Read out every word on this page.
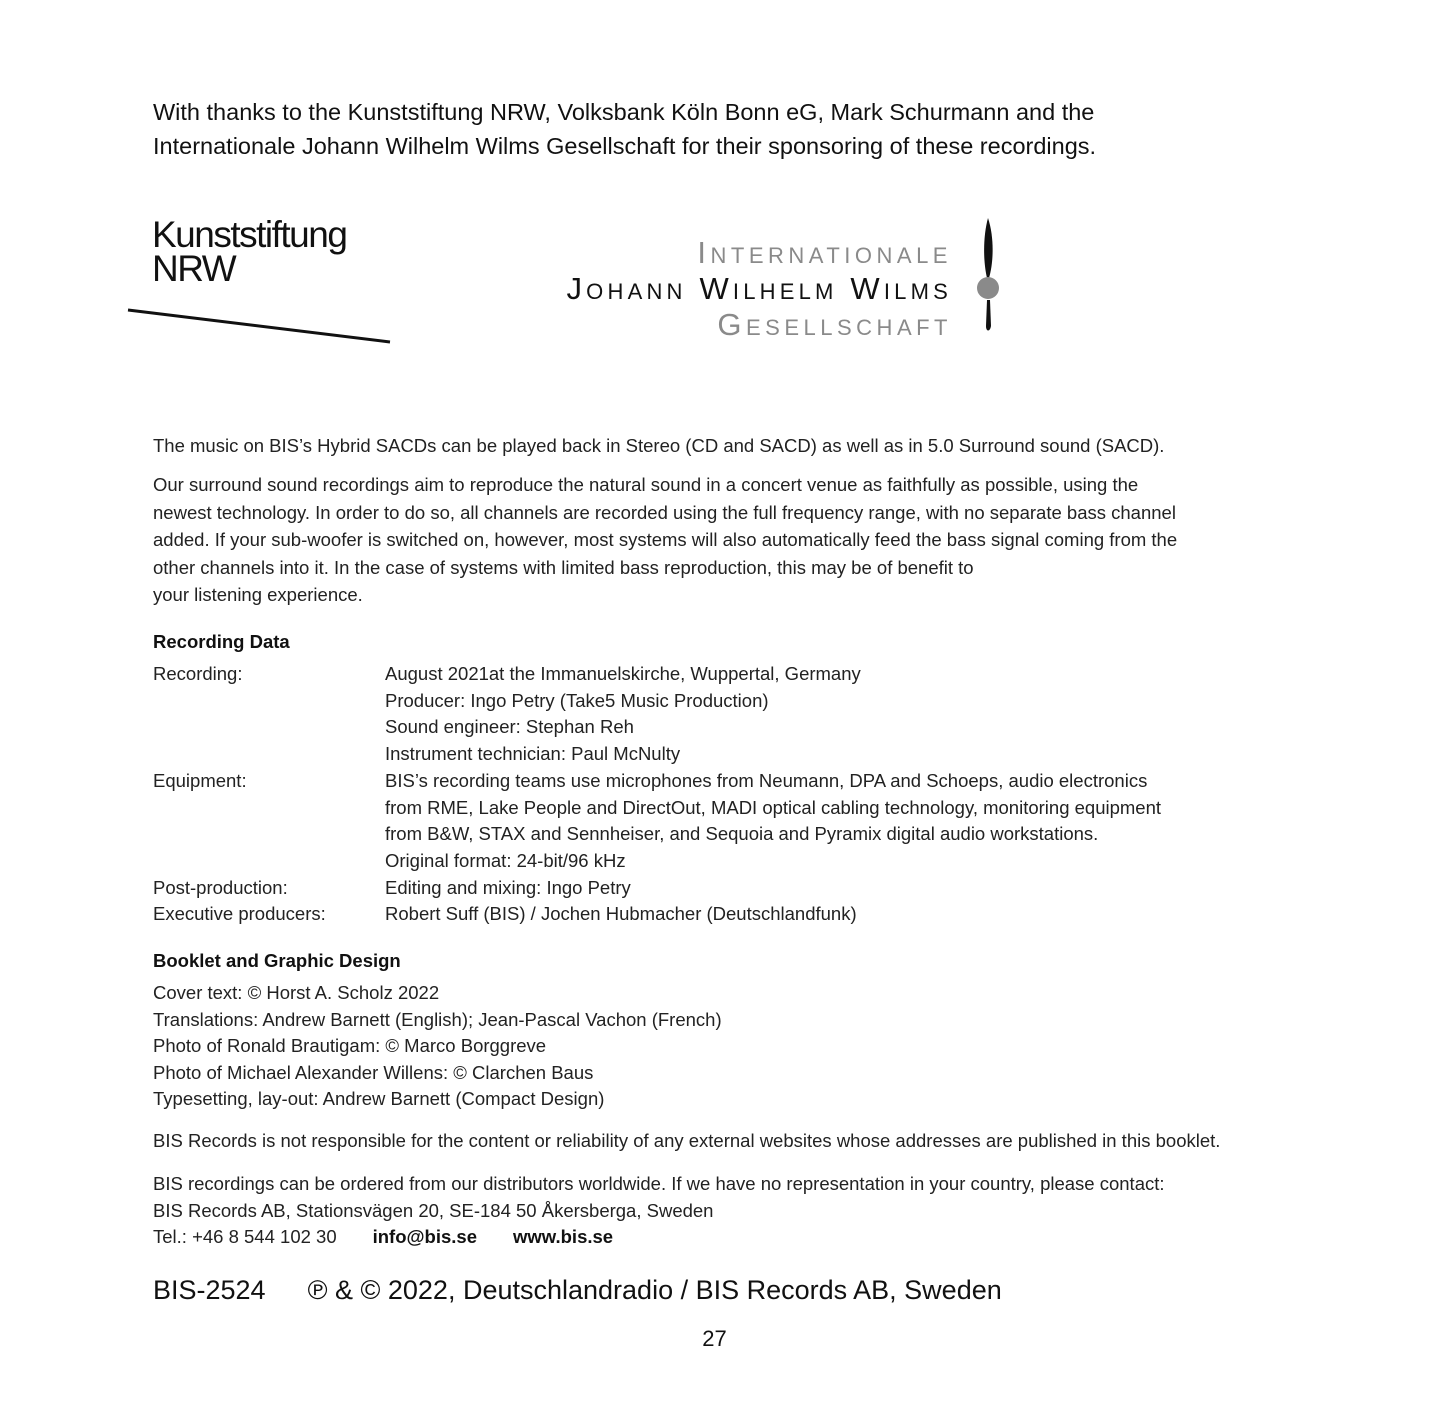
With thanks to the Kunststiftung NRW, Volksbank Köln Bonn eG, Mark Schurmann and the
Internationale Johann Wilhelm Wilms Gesellschaft for their sponsoring of these recordings.
Kunststiftung
NRW	Internationale
Johann Wilhelm Wilms
Gesellschaft
The music on BIS’s Hybrid SACDs can be played back in Stereo (CD and SACD) as well as in 5.0 Surround sound (SACD).
Our surround sound recordings aim to reproduce the natural sound in a concert venue as faithfully as possible, using the
newest technology. In order to do so, all channels are recorded using the full frequency range, with no separate bass channel
added. If your sub-woofer is switched on, however, most systems will also automatically feed the bass signal coming from the
other channels into it. In the case of systems with limited bass reproduction, this may be of benefit to
your listening experience.
Recording Data
Recording:	August 2021at the Immanuelskirche, Wuppertal, Germany
Producer: Ingo Petry (Take5 Music Production)
Sound engineer: Stephan Reh
Instrument technician: Paul McNulty
Equipment:	BIS’s recording teams use microphones from Neumann, DPA and Schoeps, audio electronics
from RME, Lake People and DirectOut, MADI optical cabling technology, monitoring equipment
from B&W, STAX and Sennheiser, and Sequoia and Pyramix digital audio workstations.
Original format: 24-bit/96 kHz
Post-production:	Editing and mixing: Ingo Petry
Executive producers:	Robert Suff (BIS) / Jochen Hubmacher (Deutschlandfunk)
Booklet and Graphic Design
Cover text: © Horst A. Scholz 2022
Translations: Andrew Barnett (English); Jean-Pascal Vachon (French)
Photo of Ronald Brautigam: © Marco Borggreve
Photo of Michael Alexander Willens: © Clarchen Baus
Typesetting, lay-out: Andrew Barnett (Compact Design)
BIS Records is not responsible for the content or reliability of any external websites whose addresses are published in this booklet.
BIS recordings can be ordered from our distributors worldwide. If we have no representation in your country, please contact:
BIS Records AB, Stationsvägen 20, SE-184 50 Åkersberga, Sweden
Tel.: +46 8 544 102 30 info@bis.se www.bis.se
BIS-2524 ℗ & © 2022, Deutschlandradio / BIS Records AB, Sweden
27
